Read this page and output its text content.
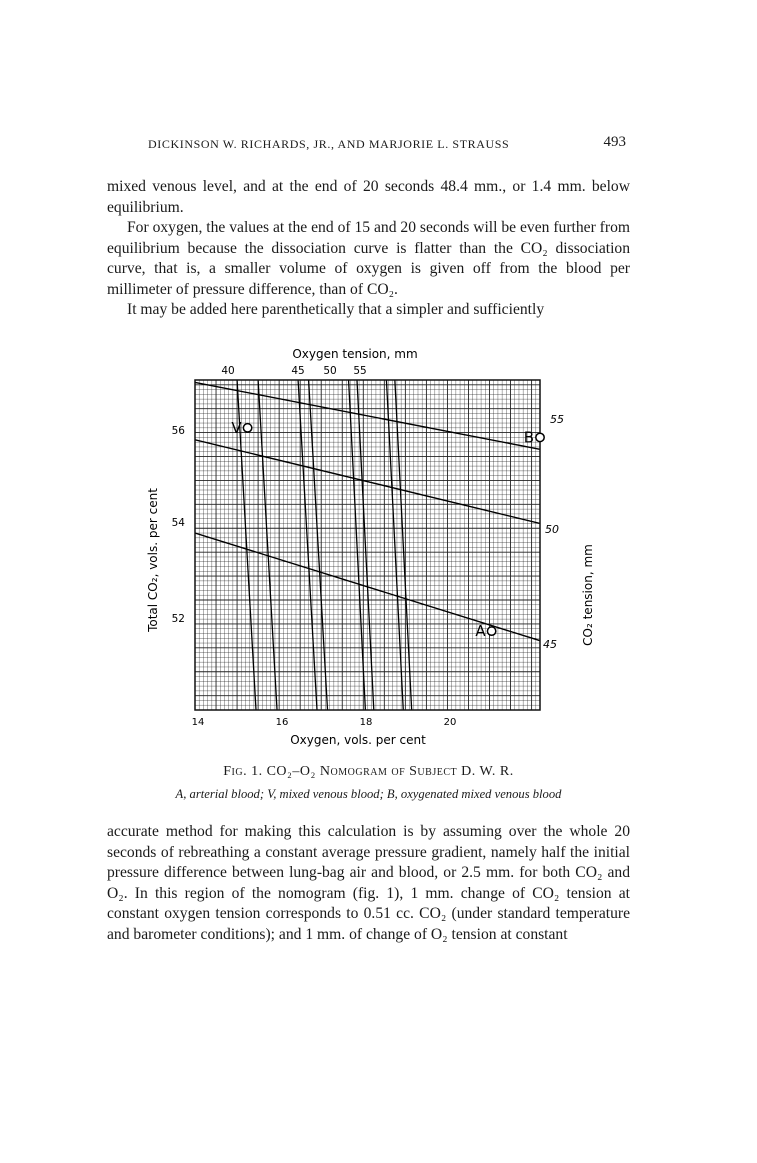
DICKINSON W. RICHARDS, JR., AND MARJORIE L. STRAUSS	493

mixed venous level, and at the end of 20 seconds 48.4 mm., or 1.4 mm. below equilibrium.

For oxygen, the values at the end of 15 and 20 seconds will be even further from equilibrium because the dissociation curve is flatter than the CO₂ dissociation curve, that is, a smaller volume of oxygen is given off from the blood per millimeter of pressure difference, than of CO₂.

It may be added here parenthetically that a simpler and sufficiently

V
B
A
Oxygen tension, mm
40	45 50 55
56
54
52
Total CO₂, vols. per cent
14	16	18	20
Oxygen, vols. per cent
55
50
45 CO₂ tension, mm
Fig. 1. CO₂–O₂ Nomogram of Subject D. W. R.
A, arterial blood; V, mixed venous blood; B, oxygenated mixed venous blood

accurate method for making this calculation is by assuming over the whole 20 seconds of rebreathing a constant average pressure gradient, namely half the initial pressure difference between lung-bag air and blood, or 2.5 mm. for both CO₂ and O₂. In this region of the nomogram (fig. 1), 1 mm. change of CO₂ tension at constant oxygen tension corresponds to 0.51 cc. CO₂ (under standard temperature and barometer conditions); and 1 mm. of change of O₂ tension at constant
